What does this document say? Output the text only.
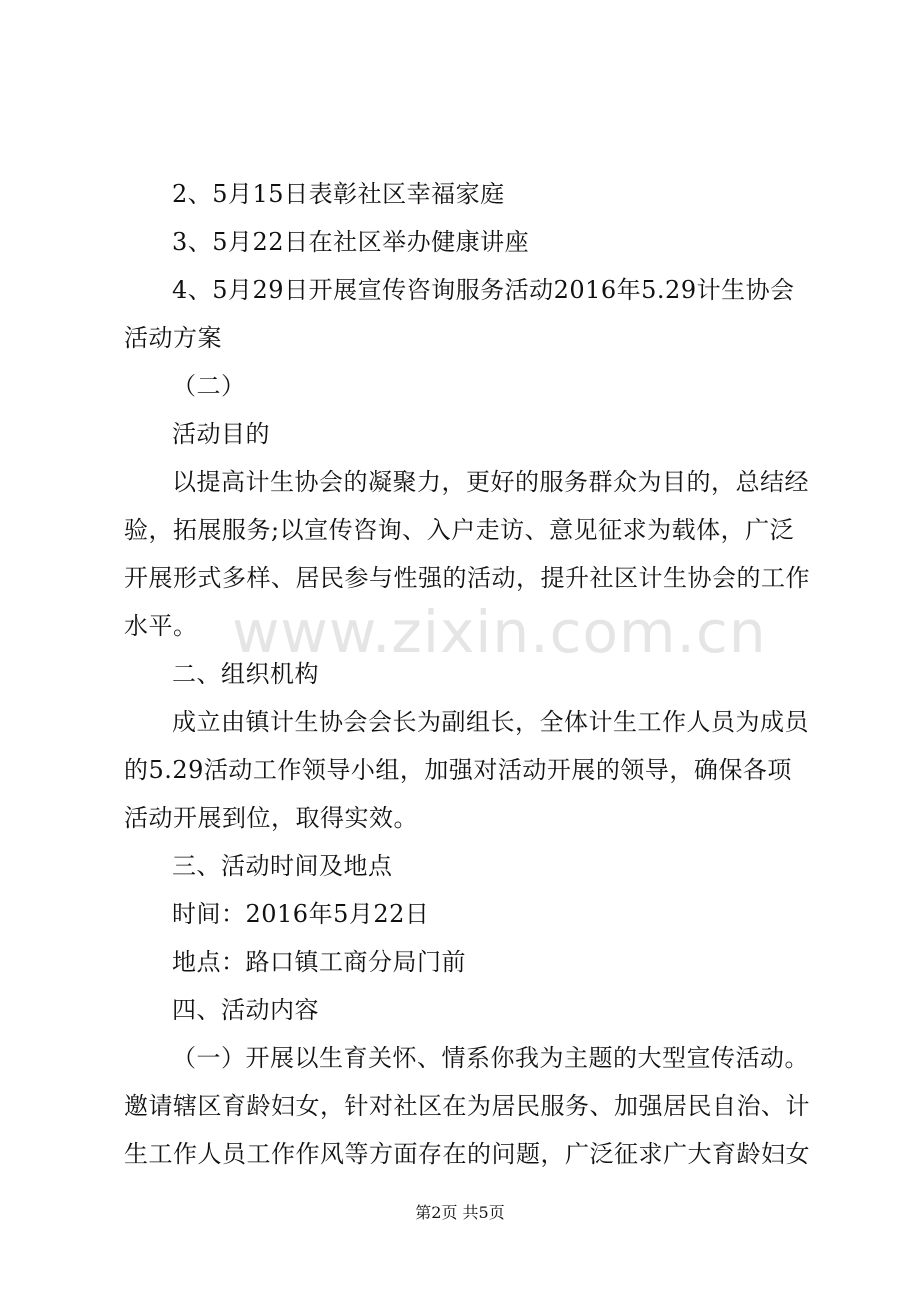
2、5月15日表彰社区幸福家庭

3、5月22日在社区举办健康讲座

4、5月29日开展宣传咨询服务活动2016年5.29计生协会活动方案

（二）

活动目的

以提高计生协会的凝聚力，更好的服务群众为目的，总结经验，拓展服务;以宣传咨询、入户走访、意见征求为载体，广泛开展形式多样、居民参与性强的活动，提升社区计生协会的工作水平。

二、组织机构

成立由镇计生协会会长为副组长，全体计生工作人员为成员的5.29活动工作领导小组，加强对活动开展的领导，确保各项活动开展到位，取得实效。

三、活动时间及地点

时间：2016年5月22日

地点：路口镇工商分局门前

四、活动内容

（一）开展以生育关怀、情系你我为主题的大型宣传活动。邀请辖区育龄妇女，针对社区在为居民服务、加强居民自治、计生工作人员工作作风等方面存在的问题，广泛征求广大育龄妇女

www.zixin.com.cn
第2页 共5页
